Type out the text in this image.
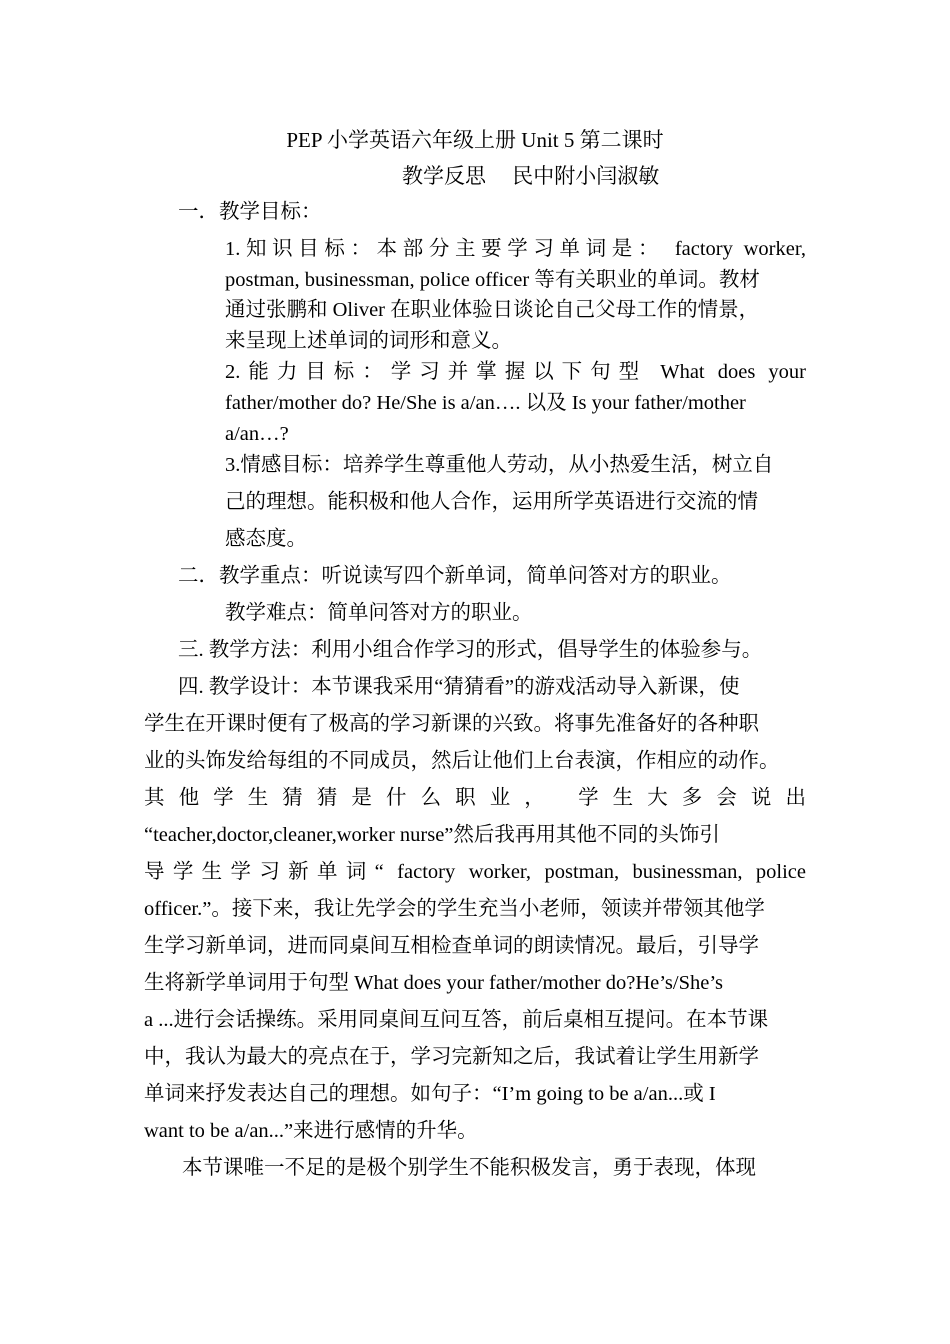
PEP 小学英语六年级上册 Unit 5 第二课时
教学反思     民中附小闫淑敏
一．教学目标：
1.知识目标：本部分主要学习单词是： factory worker,
postman, businessman, police officer 等有关职业的单词。教材
通过张鹏和 Oliver 在职业体验日谈论自己父母工作的情景，
来呈现上述单词的词形和意义。
2.能力目标：学习并掌握以下句型 What does your
father/mother do? He/She is a/an…. 以及 Is your father/mother
a/an…?
3.情感目标：培养学生尊重他人劳动，从小热爱生活，树立自
己的理想。能积极和他人合作，运用所学英语进行交流的情
感态度。
二．教学重点：听说读写四个新单词，简单问答对方的职业。
教学难点：简单问答对方的职业。
三. 教学方法：利用小组合作学习的形式，倡导学生的体验参与。
四. 教学设计：本节课我采用“猜猜看”的游戏活动导入新课，使
学生在开课时便有了极高的学习新课的兴致。将事先准备好的各种职
业的头饰发给每组的不同成员，然后让他们上台表演，作相应的动作。
其他学生猜猜是什么职业， 学生大多会说出
“teacher,doctor,cleaner,worker nurse”然后我再用其他不同的头饰引
导学生学习新单词“ factory worker, postman, businessman, police
officer.”。接下来，我让先学会的学生充当小老师，领读并带领其他学
生学习新单词，进而同桌间互相检查单词的朗读情况。最后，引导学
生将新学单词用于句型 What does your father/mother do?He’s/She’s
a ...进行会话操练。采用同桌间互问互答，前后桌相互提问。在本节课
中，我认为最大的亮点在于，学习完新知之后，我试着让学生用新学
单词来抒发表达自己的理想。如句子：“I’m going to be a/an...或 I
want to be a/an...”来进行感情的升华。
本节课唯一不足的是极个别学生不能积极发言，勇于表现，体现
